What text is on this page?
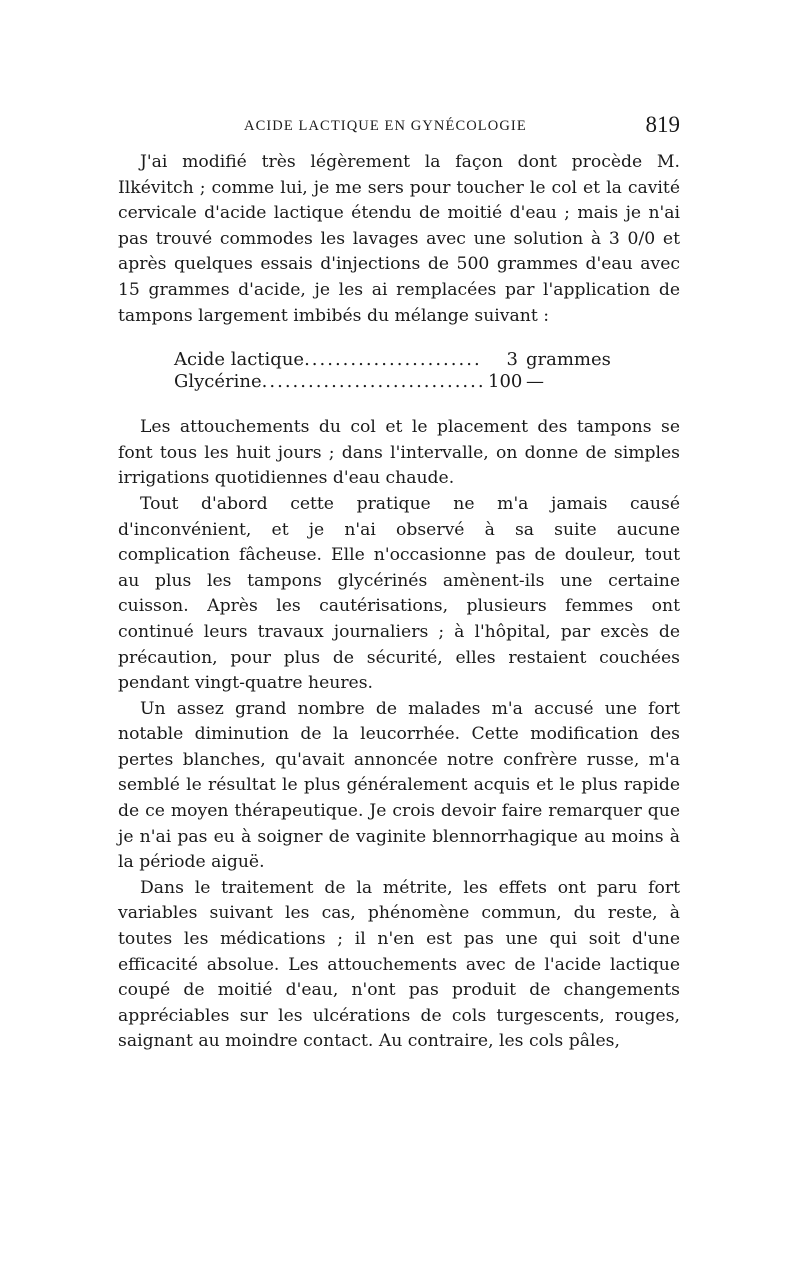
ACIDE LACTIQUE EN GYNÉCOLOGIE	819

J'ai modifié très légèrement la façon dont procède M. Ilkévitch ; comme lui, je me sers pour toucher le col et la cavité cervicale d'acide lactique étendu de moitié d'eau ; mais je n'ai pas trouvé commodes les lavages avec une solution à 3 0/0 et après quelques essais d'injections de 500 grammes d'eau avec 15 grammes d'acide, je les ai remplacées par l'application de tampons largement imbibés du mélange suivant :

Acide lactique .....	3 grammes
Glycérine .....	100 —

Les attouchements du col et le placement des tampons se font tous les huit jours ; dans l'intervalle, on donne de simples irrigations quotidiennes d'eau chaude.

Tout d'abord cette pratique ne m'a jamais causé d'inconvénient, et je n'ai observé à sa suite aucune complication fâcheuse. Elle n'occasionne pas de douleur, tout au plus les tampons glycérinés amènent-ils une certaine cuisson. Après les cautérisations, plusieurs femmes ont continué leurs travaux journaliers ; à l'hôpital, par excès de précaution, pour plus de sécurité, elles restaient couchées pendant vingt-quatre heures.

Un assez grand nombre de malades m'a accusé une fort notable diminution de la leucorrhée. Cette modification des pertes blanches, qu'avait annoncée notre confrère russe, m'a semblé le résultat le plus généralement acquis et le plus rapide de ce moyen thérapeutique. Je crois devoir faire remarquer que je n'ai pas eu à soigner de vaginite blennorrhagique au moins à la période aiguë.

Dans le traitement de la métrite, les effets ont paru fort variables suivant les cas, phénomène commun, du reste, à toutes les médications ; il n'en est pas une qui soit d'une efficacité absolue. Les attouchements avec de l'acide lactique coupé de moitié d'eau, n'ont pas produit de changements appréciables sur les ulcérations de cols turgescents, rouges, saignant au moindre contact. Au contraire, les cols pâles,
